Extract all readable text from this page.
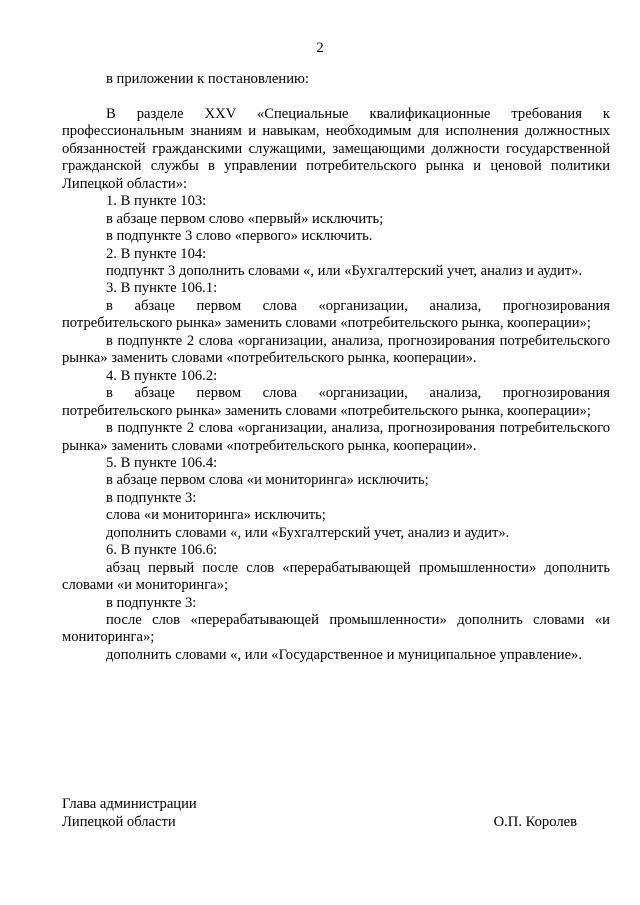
2

в приложении к постановлению:

В разделе XXV «Специальные квалификационные требования к профессиональным знаниям и навыкам, необходимым для исполнения должностных обязанностей гражданскими служащими, замещающими должности государственной гражданской службы в управлении потребительского рынка и ценовой политики Липецкой области»:

1. В пункте 103:

в абзаце первом слово «первый» исключить;

в подпункте 3 слово «первого» исключить.

2. В пункте 104:

подпункт 3 дополнить словами «, или «Бухгалтерский учет, анализ и аудит».

3. В пункте 106.1:

в абзаце первом слова «организации, анализа, прогнозирования потребительского рынка» заменить словами «потребительского рынка, кооперации»;

в подпункте 2 слова «организации, анализа, прогнозирования потребительского рынка» заменить словами «потребительского рынка, кооперации».

4. В пункте 106.2:

в абзаце первом слова «организации, анализа, прогнозирования потребительского рынка» заменить словами «потребительского рынка, кооперации»;

в подпункте 2 слова «организации, анализа, прогнозирования потребительского рынка» заменить словами «потребительского рынка, кооперации».

5. В пункте 106.4:

в абзаце первом слова «и мониторинга» исключить;

в подпункте 3:

слова «и мониторинга» исключить;

дополнить словами «, или «Бухгалтерский учет, анализ и аудит».

6. В пункте 106.6:

абзац первый после слов «перерабатывающей промышленности» дополнить словами «и мониторинга»;

в подпункте 3:

после слов «перерабатывающей промышленности» дополнить словами «и мониторинга»;

дополнить словами «, или «Государственное и муниципальное управление».

Глава администрации
Липецкой области	О.П. Королев
